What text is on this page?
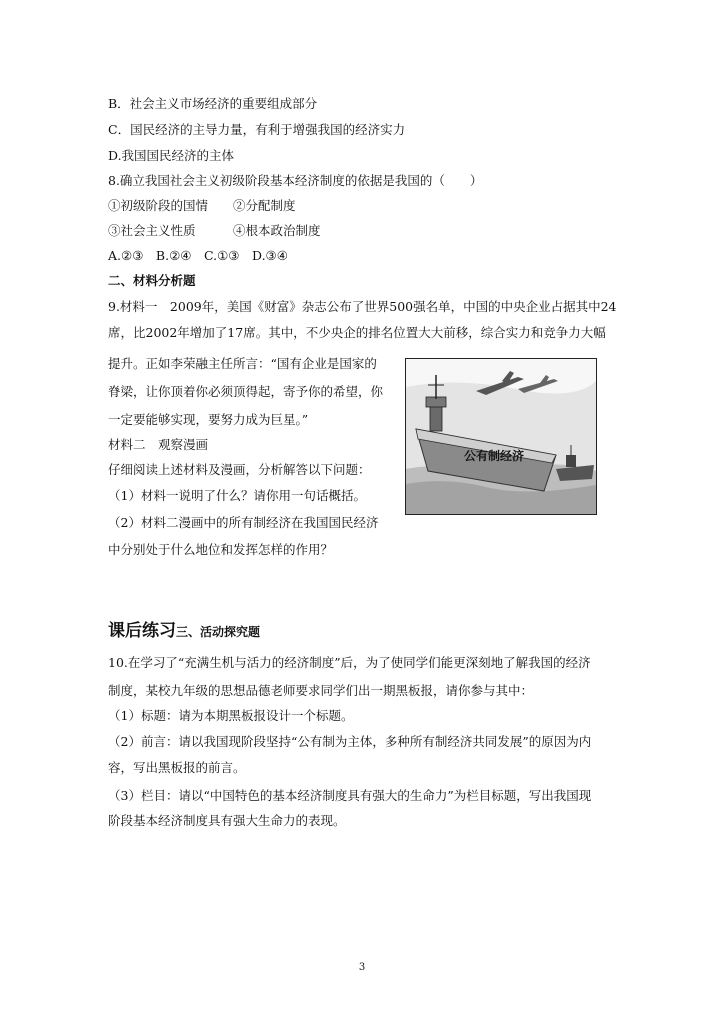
B．社会主义市场经济的重要组成部分
C．国民经济的主导力量，有利于增强我国的经济实力
D.我国国民经济的主体
8.确立我国社会主义初级阶段基本经济制度的依据是我国的（　　）
①初级阶段的国情　　②分配制度
③社会主义性质　　　④根本政治制度
A.②③　B.②④　C.①③　D.③④
二、材料分析题
9.材料一　2009年，美国《财富》杂志公布了世界500强名单，中国的中央企业占据其中24
席，比2002年增加了17席。其中，不少央企的排名位置大大前移，综合实力和竞争力大幅
提升。正如李荣融主任所言：“国有企业是国家的
脊梁，让你顶着你必须顶得起，寄予你的希望，你
一定要能够实现，要努力成为巨星。”
材料二　观察漫画
仔细阅读上述材料及漫画，分析解答以下问题：
（1）材料一说明了什么？请你用一句话概括。
（2）材料二漫画中的所有制经济在我国国民经济
中分别处于什么地位和发挥怎样的作用？
公有制经济
课后练习三、活动探究题
10.在学习了“充满生机与活力的经济制度”后，为了使同学们能更深刻地了解我国的经济
制度，某校九年级的思想品德老师要求同学们出一期黑板报，请你参与其中：
（1）标题：请为本期黑板报设计一个标题。
（2）前言：请以我国现阶段坚持“公有制为主体，多种所有制经济共同发展”的原因为内
容，写出黑板报的前言。
（3）栏目：请以“中国特色的基本经济制度具有强大的生命力”为栏目标题，写出我国现
阶段基本经济制度具有强大生命力的表现。
3
